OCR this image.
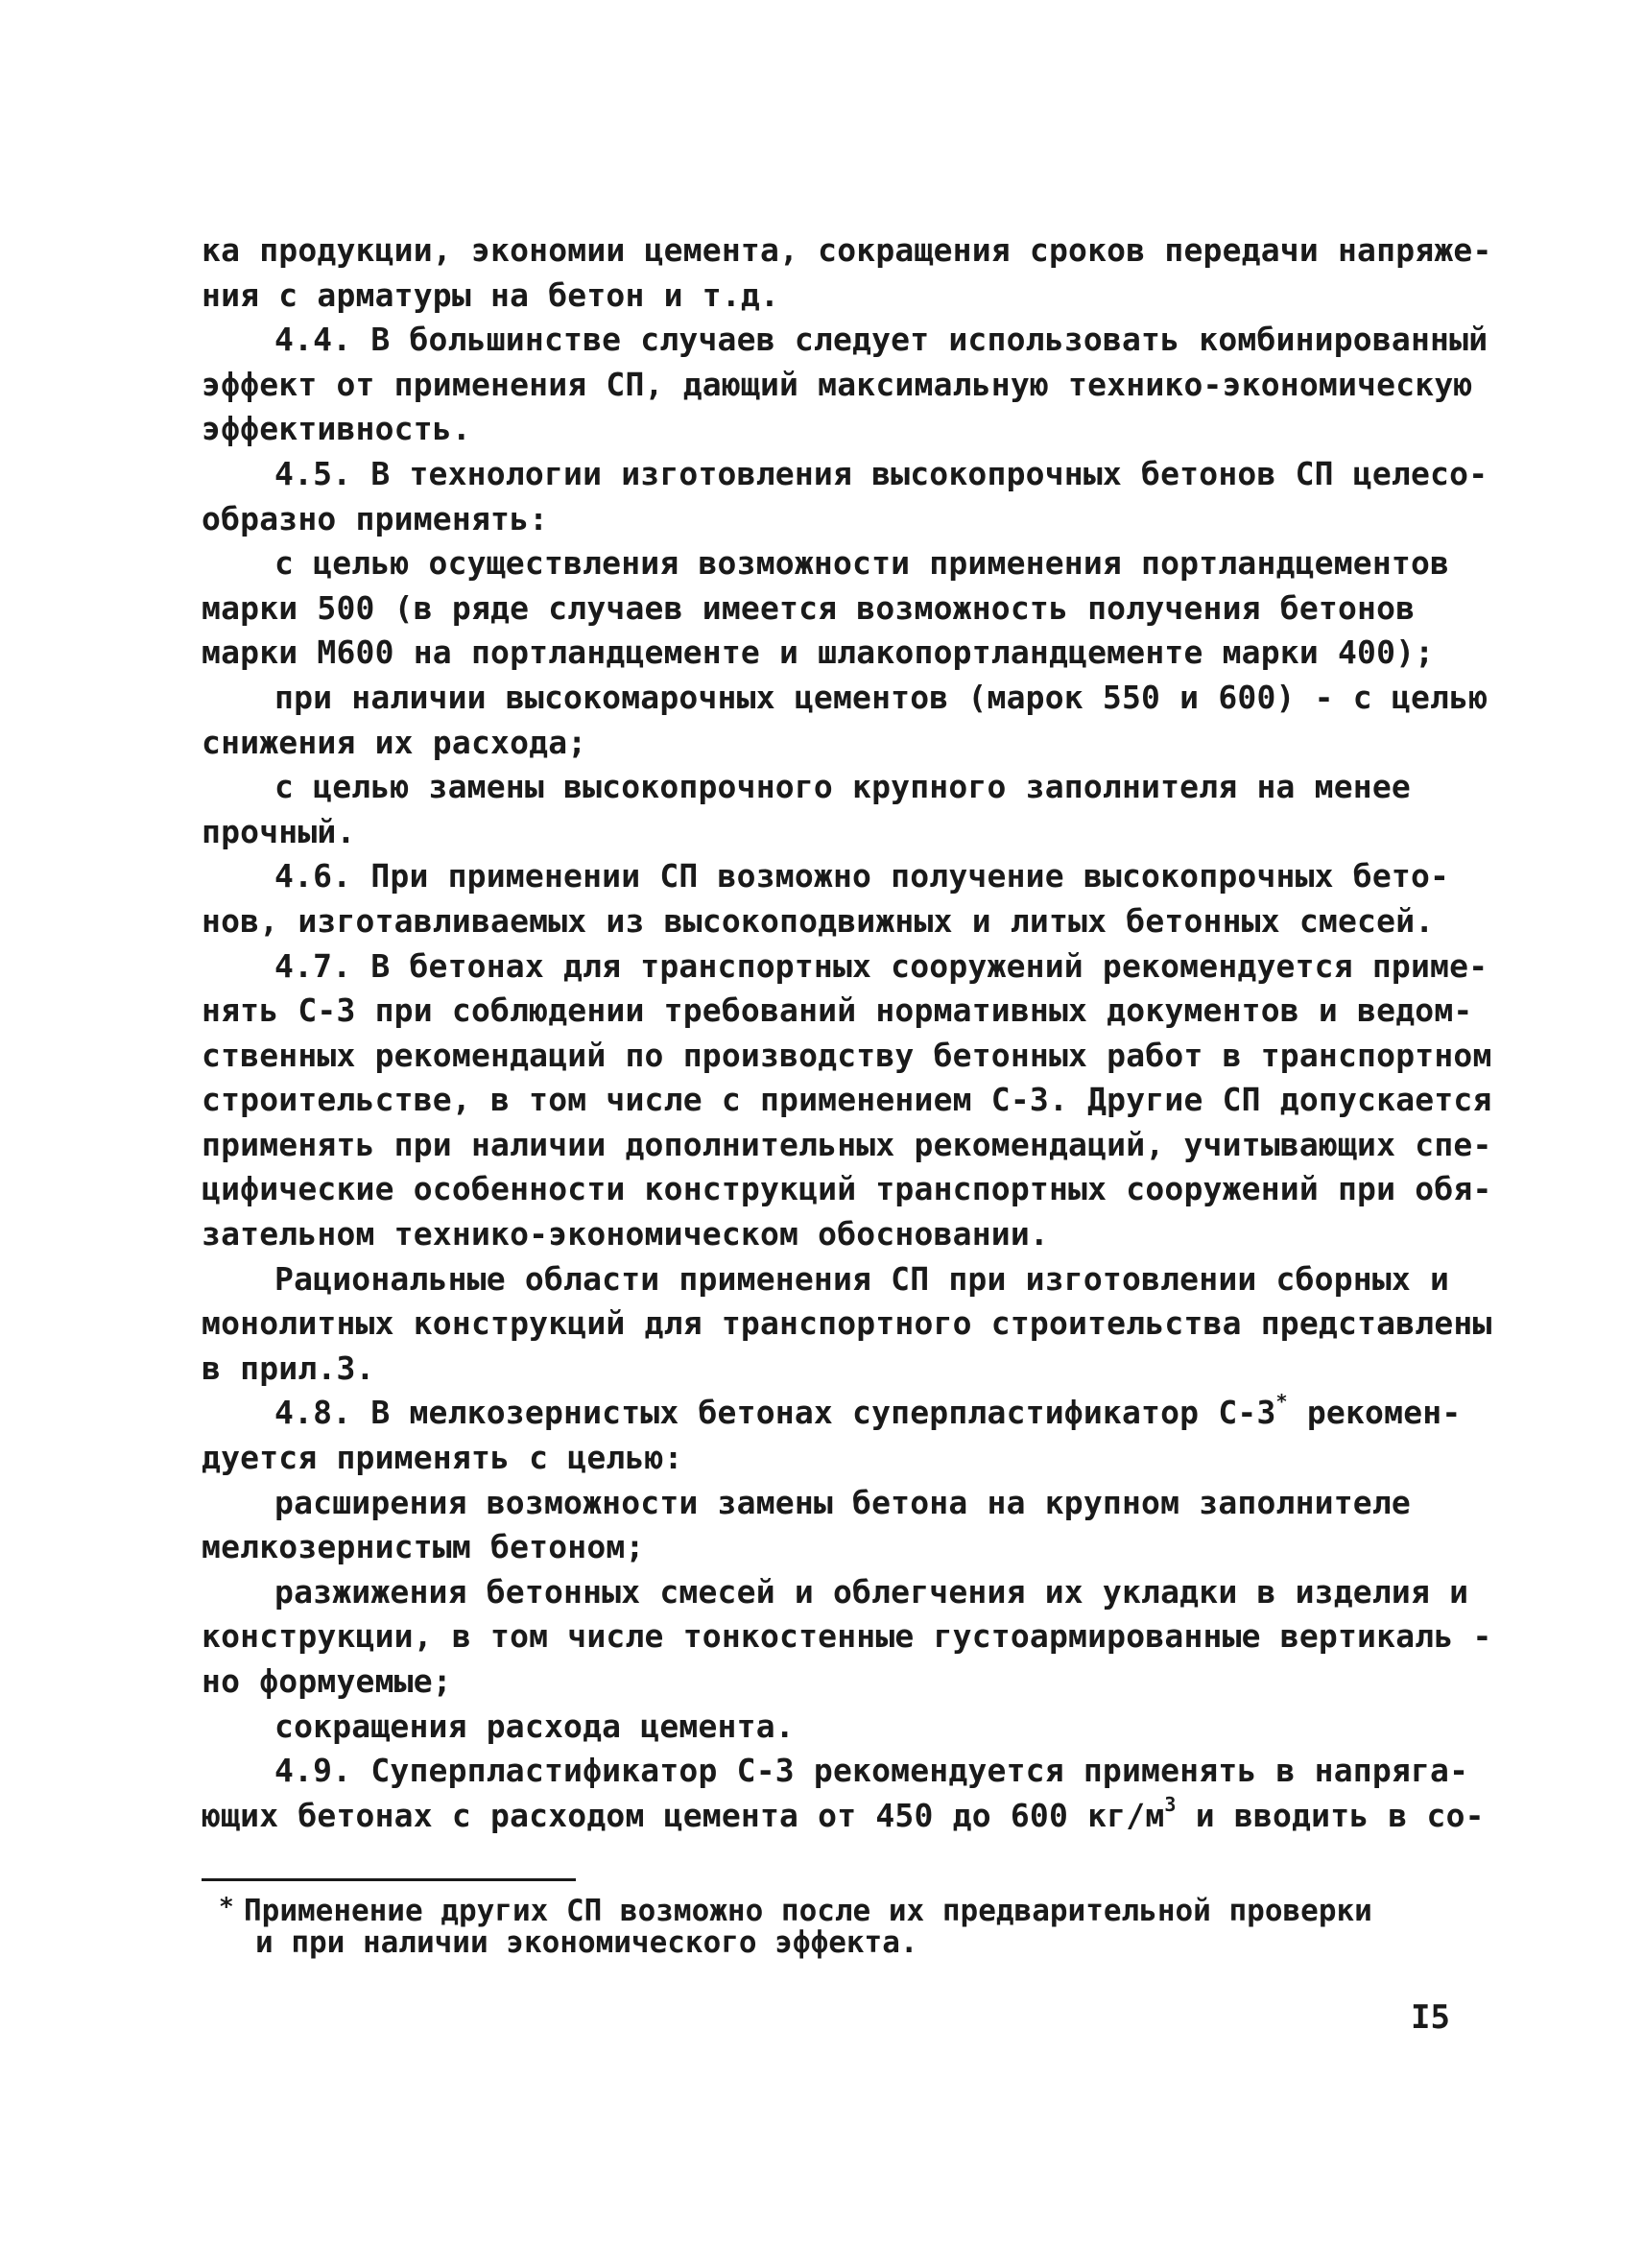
ка продукции, экономии цемента, сокращения сроков передачи напряже-
ния с арматуры на бетон и т.д.
4.4. В большинстве случаев следует использовать комбинированный
эффект от применения СП, дающий максимальную технико-экономическую
эффективность.
4.5. В технологии изготовления высокопрочных бетонов СП целесо-
образно применять:
с целью осуществления возможности применения портландцементов
марки 500 (в ряде случаев имеется возможность получения бетонов
марки М600 на портландцементе и шлакопортландцементе марки 400);
при наличии высокомарочных цементов (марок 550 и 600) - с целью
снижения их расхода;
с целью замены высокопрочного крупного заполнителя на менее
прочный.
4.6. При применении СП возможно получение высокопрочных бето-
нов, изготавливаемых из высокоподвижных и литых бетонных смесей.
4.7. В бетонах для транспортных сооружений рекомендуется приме-
нять С-3 при соблюдении требований нормативных документов и ведом-
ственных рекомендаций по производству бетонных работ в транспортном
строительстве, в том числе с применением С-3. Другие СП допускается
применять при наличии дополнительных рекомендаций, учитывающих спе-
цифические особенности конструкций транспортных сооружений при обя-
зательном технико-экономическом обосновании.
Рациональные области применения СП при изготовлении сборных и
монолитных конструкций для транспортного строительства представлены
в прил.3.
4.8. В мелкозернистых бетонах суперпластификатор С-3* рекомен-
дуется применять с целью:
расширения возможности замены бетона на крупном заполнителе
мелкозернистым бетоном;
разжижения бетонных смесей и облегчения их укладки в изделия и
конструкции, в том числе тонкостенные густоармированные вертикаль -
но формуемые;
сокращения расхода цемента.
4.9. Суперпластификатор С-3 рекомендуется применять в напряга-
ющих бетонах с расходом цемента от 450 до 600 $кг/м^3$ и вводить в со-
* Применение других СП возможно после их предварительной проверки
и при наличии экономического эффекта.
I5
